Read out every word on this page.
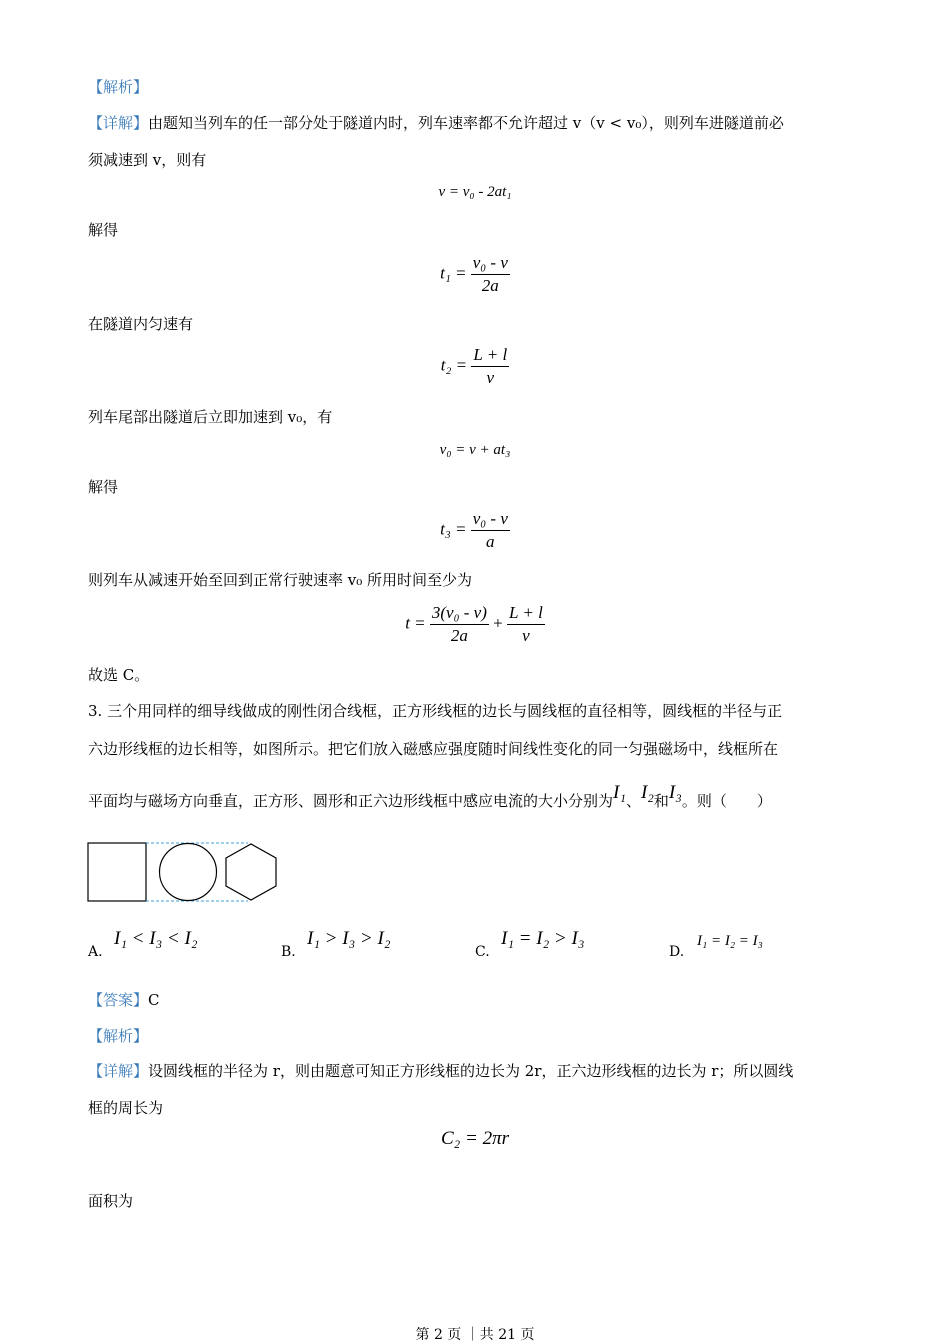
【解析】
【详解】由题知当列车的任一部分处于隧道内时，列车速率都不允许超过 v（v < v₀），则列车进隧道前必
须减速到 v，则有
v = v₀ - 2at₁
解得
$t_1 = \frac{\text{v₀ - v}}{2a}$
在隧道内匀速有
$t_2 = \frac{L + l}{v}$
列车尾部出隧道后立即加速到 v₀，有
v₀ = v + at₃
解得
$t_3 = \frac{\text{v₀ - v}}{a}$
则列车从减速开始至回到正常行驶速率 v₀ 所用时间至少为
$t = \frac{\text{3(v₀ - v)}}{2a} + \frac{L + l}{v}$
故选 C。
3. 三个用同样的细导线做成的刚性闭合线框，正方形线框的边长与圆线框的直径相等，圆线框的半径与正
六边形线框的边长相等，如图所示。把它们放入磁感应强度随时间线性变化的同一匀强磁场中，线框所在
平面均与磁场方向垂直，正方形、圆形和正六边形线框中感应电流的大小分别为I₁、I₂和I₃。则（　　）
A.
I₁ < I₃ < I₂
B.
I₁ > I₃ > I₂
C.
I₁ = I₂ > I₃
D.
I₁ = I₂ = I₃
【答案】C
【解析】
【详解】设圆线框的半径为 r，则由题意可知正方形线框的边长为 2r，正六边形线框的边长为 r；所以圆线
框的周长为
C₂ = 2πr
面积为
第 2 页 ｜共 21 页
